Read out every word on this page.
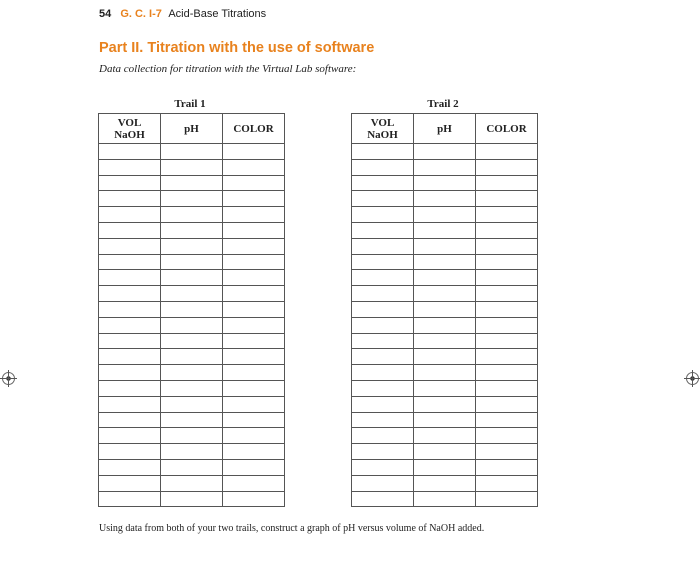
54 G. C. I-7 Acid-Base Titrations
Part II. Titration with the use of software
Data collection for titration with the Virtual Lab software:
Trail 1
VOL
NaOH	pH	COLOR

Trail 2
VOL
NaOH	pH	COLOR

Using data from both of your two trails, construct a graph of pH versus volume of NaOH added.
